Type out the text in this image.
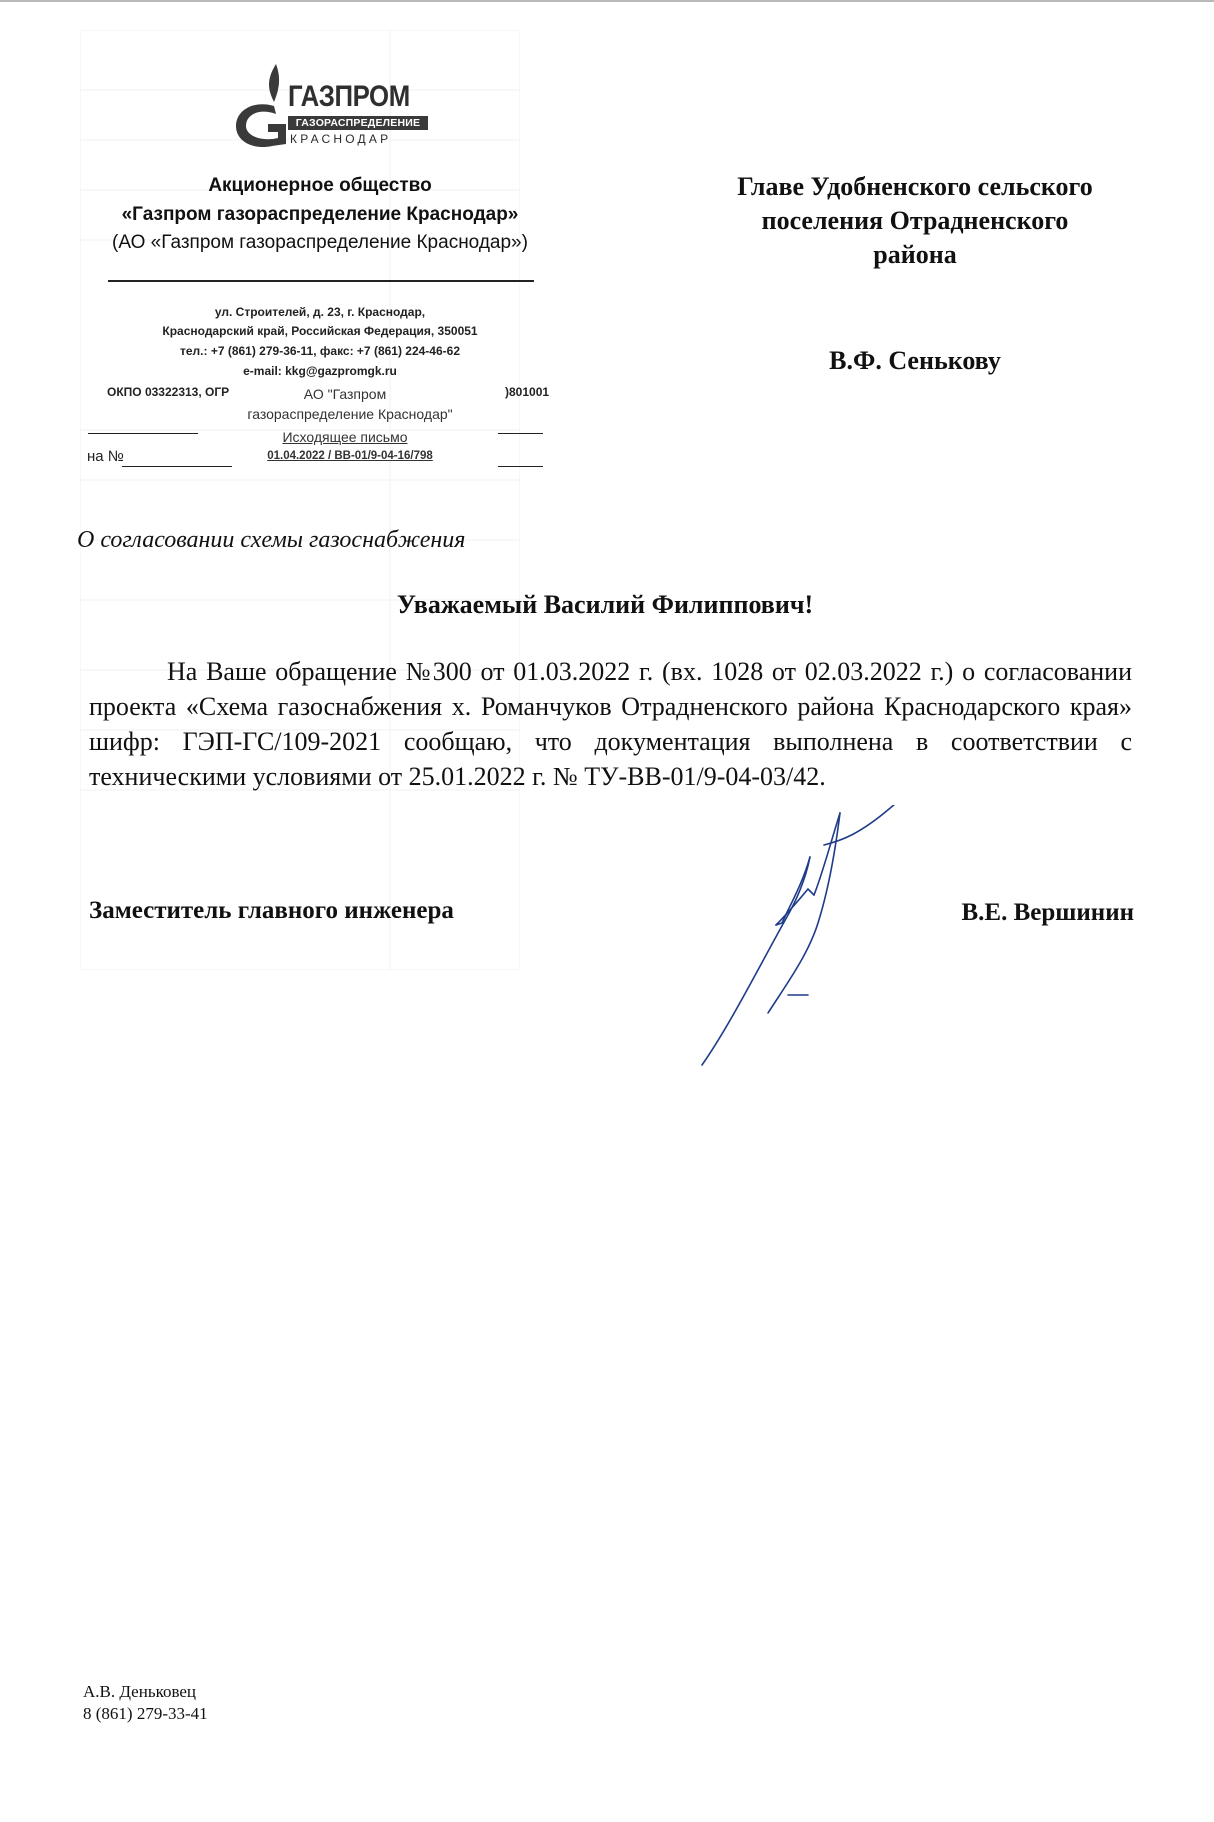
ГАЗПРОМ
ГАЗОРАСПРЕДЕЛЕНИЕ
КРАСНОДАР
Акционерное общество
«Газпром газораспределение Краснодар»
(АО «Газпром газораспределение Краснодар»)
ул. Строителей, д. 23, г. Краснодар,
Краснодарский край, Российская Федерация, 350051
тел.: +7 (861) 279-36-11, факс: +7 (861) 224-46-62
e-mail: kkg@gazpromgk.ru
ОКПО 03322313, ОГР	)801001
АО "Газпром
газораспределение Краснодар"
Исходящее письмо
01.04.2022 / ВВ-01/9-04-16/798
на №
Главе Удобненского сельского
поселения Отрадненского
района
В.Ф. Сенькову
О согласовании схемы газоснабжения
Уважаемый Василий Филиппович!
На Ваше обращение №300 от 01.03.2022 г. (вх. 1028 от 02.03.2022 г.) о согласовании проекта «Схема газоснабжения х. Романчуков Отрадненского района Краснодарского края» шифр: ГЭП-ГС/109-2021 сообщаю, что документация выполнена в соответствии с техническими условиями от 25.01.2022 г. № ТУ-ВВ-01/9-04-03/42.
Заместитель главного инженера	В.Е. Вершинин
А.В. Деньковец
8 (861) 279-33-41
